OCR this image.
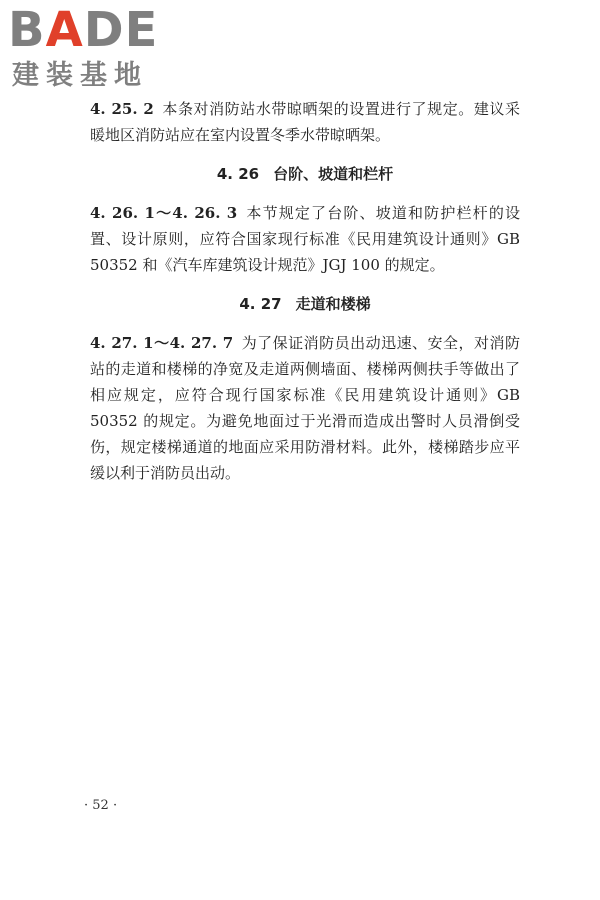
BADE
建装基地

4. 25. 2 本条对消防站水带晾晒架的设置进行了规定。建议采暖地区消防站应在室内设置冬季水带晾晒架。

4. 26 台阶、坡道和栏杆

4. 26. 1～4. 26. 3 本节规定了台阶、坡道和防护栏杆的设置、设计原则，应符合国家现行标准《民用建筑设计通则》GB 50352 和《汽车库建筑设计规范》JGJ 100 的规定。

4. 27 走道和楼梯

4. 27. 1～4. 27. 7 为了保证消防员出动迅速、安全，对消防站的走道和楼梯的净宽及走道两侧墙面、楼梯两侧扶手等做出了相应规定，应符合现行国家标准《民用建筑设计通则》GB 50352 的规定。为避免地面过于光滑而造成出警时人员滑倒受伤，规定楼梯通道的地面应采用防滑材料。此外，楼梯踏步应平缓以利于消防员出动。

· 52 ·
